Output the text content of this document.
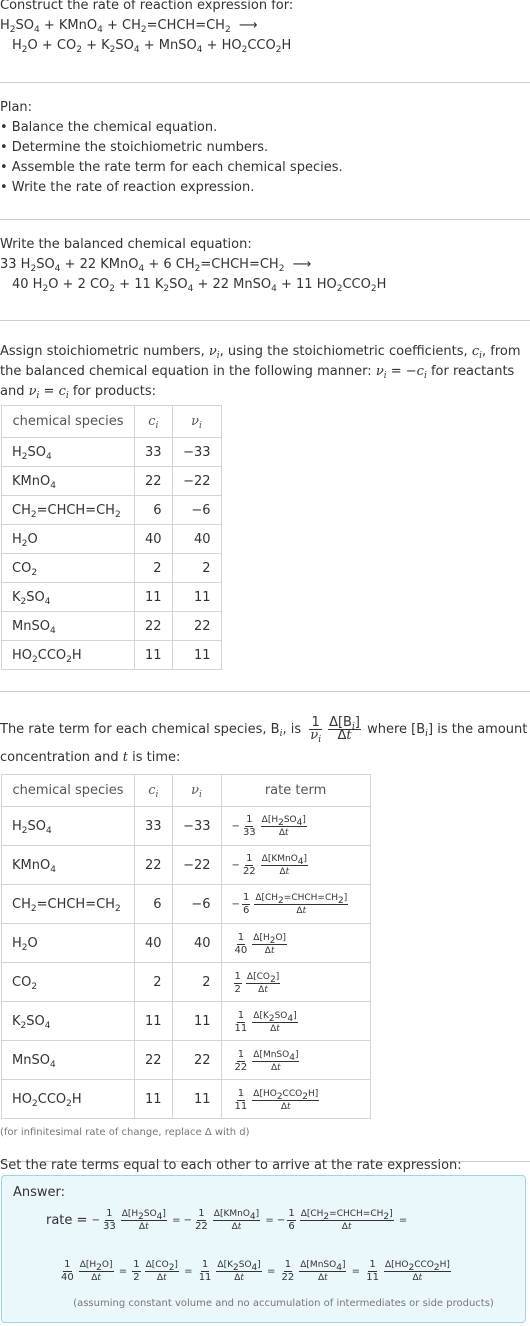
Construct the rate of reaction expression for:
$H_2SO_4$ + KMnO$_4$ + $CH_2=CHCH=CH_2$  ⟶
$H_2O + CO_2 + K_2SO_4$ + MnSO$_4$ + $HO_2CCO_2H$
Plan:
• Balance the chemical equation.
• Determine the stoichiometric numbers.
• Assemble the rate term for each chemical species.
• Write the rate of reaction expression.
Write the balanced chemical equation:
33 $H_2SO_4 + 22$ KMnO$_4$ + 6 $CH_2=CHCH=CH_2$  ⟶
40 $H_2O + 2$ $CO_2 + 11$ $K_2SO_4 + 22$ MnSO$_4$ + 11 $HO_2CCO_2H$
Assign stoichiometric numbers, $\nu_i$, using the stoichiometric coefficients, $c_i$, from the balanced chemical equation in the following manner: $\nu_i = -c_i$ for reactants and $\nu_i = c_i$ for products:
chemical species	$c_i$	$\nu_i$
$H_2SO_4$	33	−33
KMnO$_4$	22	−22
$CH_2=CHCH=CH_2$	6	−6
$H_2O$	40	40
$CO_2$	2	2
$K_2SO_4$	11	11
MnSO$_4$	22	22
$HO_2CCO_2H$	11	11
The rate term for each chemical species, $B_i$, is $\frac{1}{\nu_i} \frac{\Delta[B_i]}{\Delta t}$ where $[B_i]$ is the amount
concentration and t is time:
chemical species	$c_i$	$\nu_i$	rate term
$H_2SO_4$	33	−33	− $\frac{1}{33} \frac{\Delta[H_2SO_4]}{\Delta t}$

KMnO$_4$	22	−22	− $\frac{1}{22} \frac{\Delta[KMnO_4]}{\Delta t}$

$CH_2=CHCH=CH_2$	6	−6	− $\frac{1}{6} \frac{\Delta[CH_2=CHCH=CH_2]}{\Delta t}$

$H_2O$	40	40	$\frac{1}{40} \frac{\Delta[H_2O]}{\Delta t}$

$CO_2$	2	2	$\frac{1}{2} \frac{\Delta[CO_2]}{\Delta t}$

$K_2SO_4$	11	11	$\frac{1}{11} \frac{\Delta[K_2SO_4]}{\Delta t}$

MnSO$_4$	22	22	$\frac{1}{22} \frac{\Delta[MnSO_4]}{\Delta t}$

$HO_2CCO_2H$	11	11	$\frac{1}{11} \frac{\Delta[HO_2CCO_2H]}{\Delta t}$
(for infinitesimal rate of change, replace Δ with d)
Set the rate terms equal to each other to arrive at the rate expression:
Answer:
rate = − $\frac{1}{33} \frac{\Delta[H_2SO_4]}{\Delta t}$ = − $\frac{1}{22} \frac{\Delta[KMnO_4]}{\Delta t}$ = − $\frac{1}{6} \frac{\Delta[CH_2=CHCH=CH_2]}{\Delta t}$ =
$\frac{1}{40} \frac{\Delta[H_2O]}{\Delta t} = \frac{1}{2} \frac{\Delta[CO_2]}{\Delta t} = \frac{1}{11} \frac{\Delta[K_2SO_4]}{\Delta t} = \frac{1}{22} \frac{\Delta[MnSO_4]}{\Delta t} = \frac{1}{11} \frac{\Delta[HO_2CCO_2H]}{\Delta t}$
(assuming constant volume and no accumulation of intermediates or side products)
